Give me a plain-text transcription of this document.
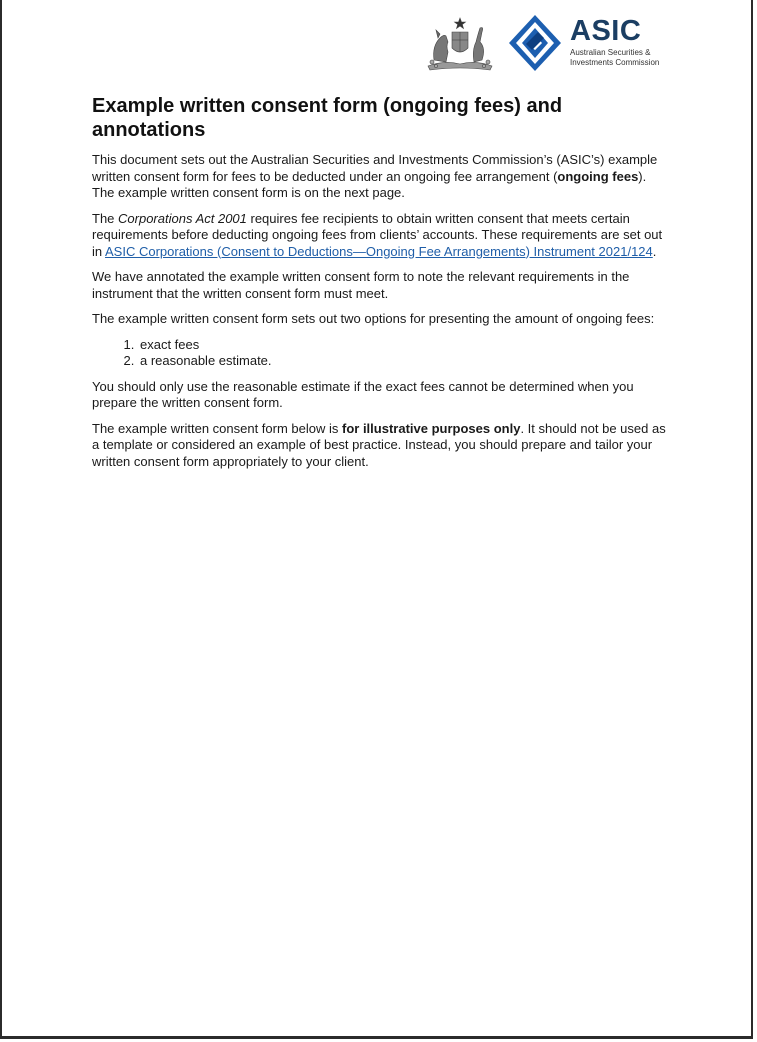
ASIC
Australian Securities &
Investments Commission
Example written consent form (ongoing fees) and annotations

This document sets out the Australian Securities and Investments Commission’s (ASIC’s) example written consent form for fees to be deducted under an ongoing fee arrangement (ongoing fees). The example written consent form is on the next page.

The Corporations Act 2001 requires fee recipients to obtain written consent that meets certain requirements before deducting ongoing fees from clients’ accounts. These requirements are set out in ASIC Corporations (Consent to Deductions—Ongoing Fee Arrangements) Instrument 2021/124.

We have annotated the example written consent form to note the relevant requirements in the instrument that the written consent form must meet.

The example written consent form sets out two options for presenting the amount of ongoing fees:

1. exact fees
2. a reasonable estimate.

You should only use the reasonable estimate if the exact fees cannot be determined when you prepare the written consent form.

The example written consent form below is for illustrative purposes only. It should not be used as a template or considered an example of best practice. Instead, you should prepare and tailor your written consent form appropriately to your client.
